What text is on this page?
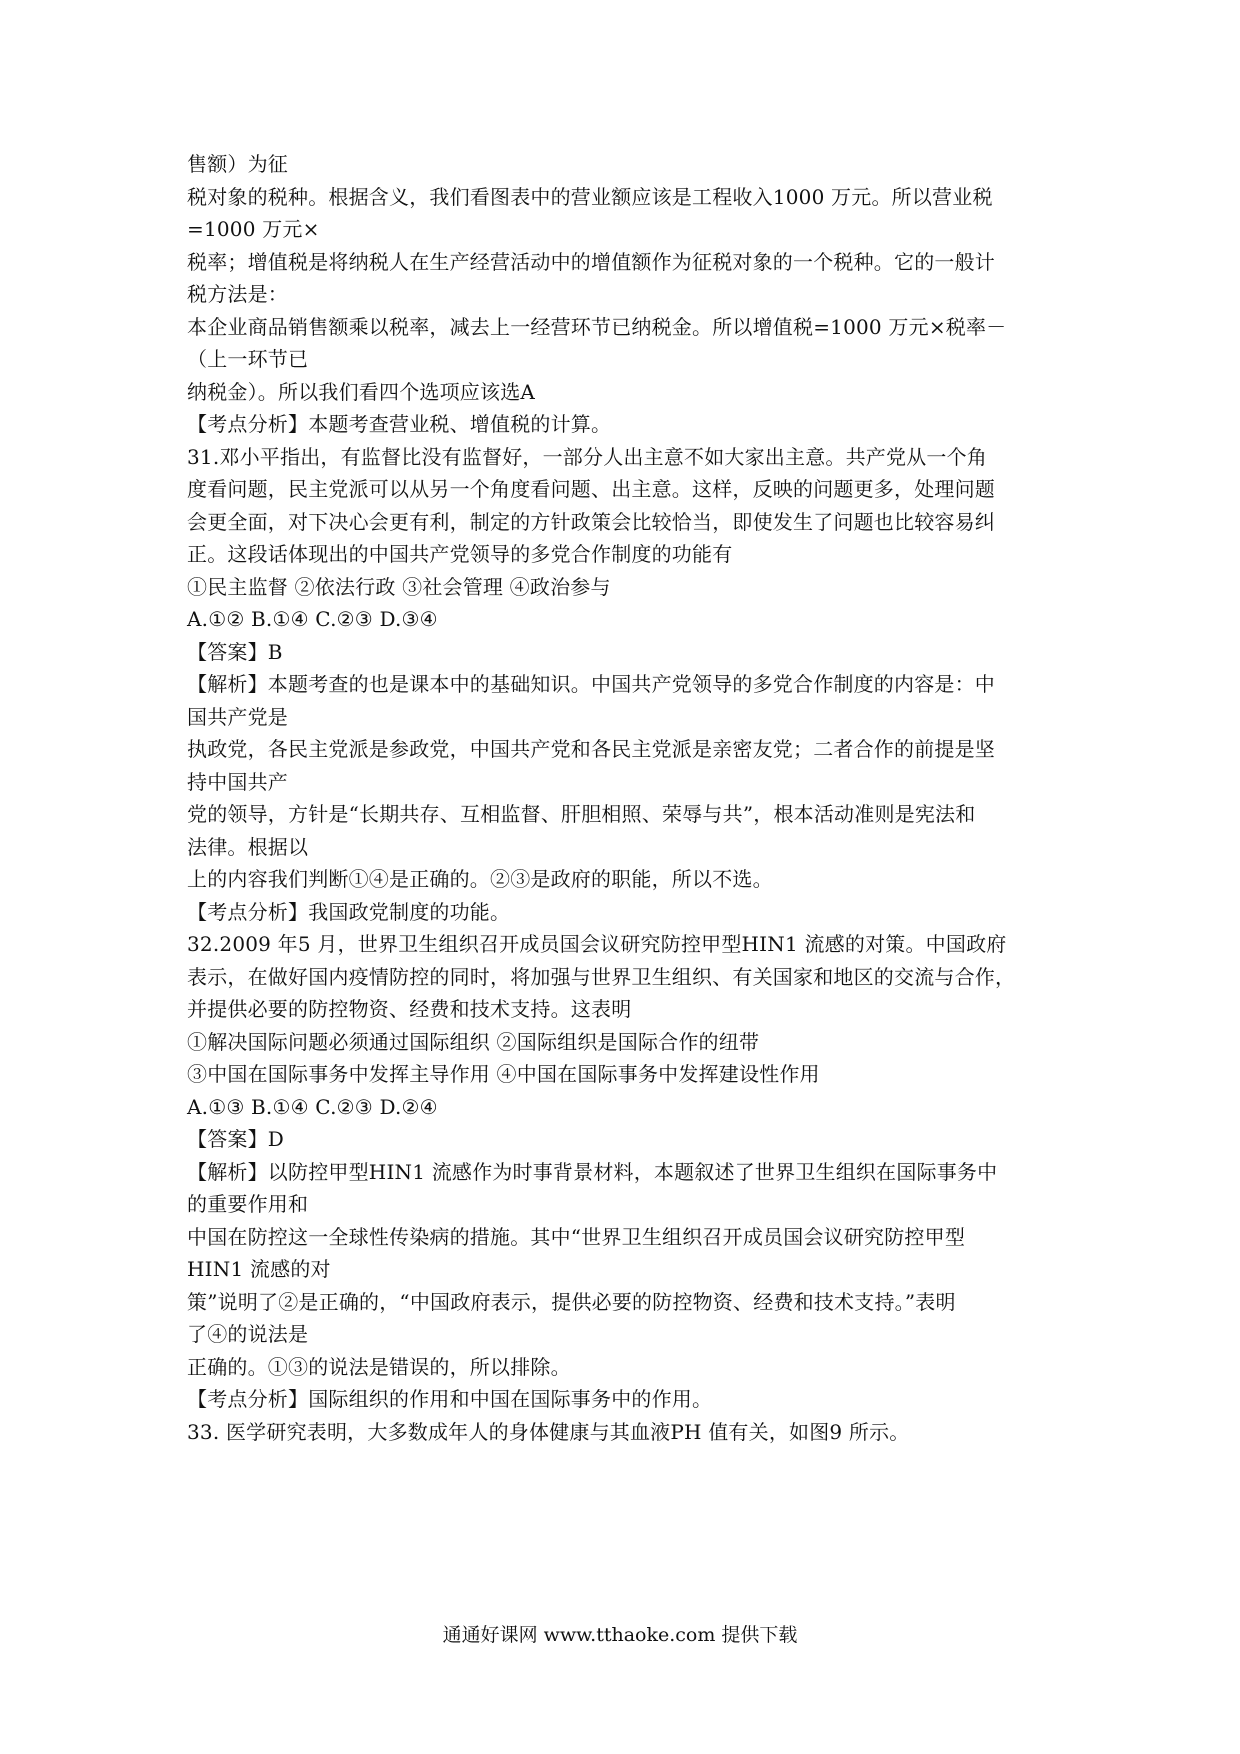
售额）为征
税对象的税种。根据含义，我们看图表中的营业额应该是工程收入1000 万元。所以营业税
=1000 万元×
税率；增值税是将纳税人在生产经营活动中的增值额作为征税对象的一个税种。它的一般计
税方法是：
本企业商品销售额乘以税率，减去上一经营环节已纳税金。所以增值税=1000 万元×税率－
（上一环节已
纳税金）。所以我们看四个选项应该选A
【考点分析】本题考查营业税、增值税的计算。
31.邓小平指出，有监督比没有监督好，一部分人出主意不如大家出主意。共产党从一个角
度看问题，民主党派可以从另一个角度看问题、出主意。这样，反映的问题更多，处理问题
会更全面，对下决心会更有利，制定的方针政策会比较恰当，即使发生了问题也比较容易纠
正。这段话体现出的中国共产党领导的多党合作制度的功能有
①民主监督 ②依法行政 ③社会管理 ④政治参与
A.①② B.①④ C.②③ D.③④
【答案】B
【解析】本题考查的也是课本中的基础知识。中国共产党领导的多党合作制度的内容是：中
国共产党是
执政党，各民主党派是参政党，中国共产党和各民主党派是亲密友党；二者合作的前提是坚
持中国共产
党的领导，方针是“长期共存、互相监督、肝胆相照、荣辱与共”，根本活动准则是宪法和
法律。根据以
上的内容我们判断①④是正确的。②③是政府的职能，所以不选。
【考点分析】我国政党制度的功能。
32.2009 年5 月，世界卫生组织召开成员国会议研究防控甲型HIN1 流感的对策。中国政府
表示，在做好国内疫情防控的同时，将加强与世界卫生组织、有关国家和地区的交流与合作，
并提供必要的防控物资、经费和技术支持。这表明
①解决国际问题必须通过国际组织 ②国际组织是国际合作的纽带
③中国在国际事务中发挥主导作用 ④中国在国际事务中发挥建设性作用
A.①③ B.①④ C.②③ D.②④
【答案】D
【解析】以防控甲型HIN1 流感作为时事背景材料，本题叙述了世界卫生组织在国际事务中
的重要作用和
中国在防控这一全球性传染病的措施。其中“世界卫生组织召开成员国会议研究防控甲型
HIN1 流感的对
策”说明了②是正确的，“中国政府表示，提供必要的防控物资、经费和技术支持。”表明
了④的说法是
正确的。①③的说法是错误的，所以排除。
【考点分析】国际组织的作用和中国在国际事务中的作用。
33. 医学研究表明，大多数成年人的身体健康与其血液PH 值有关，如图9 所示。
通通好课网 www.tthaoke.com 提供下载
